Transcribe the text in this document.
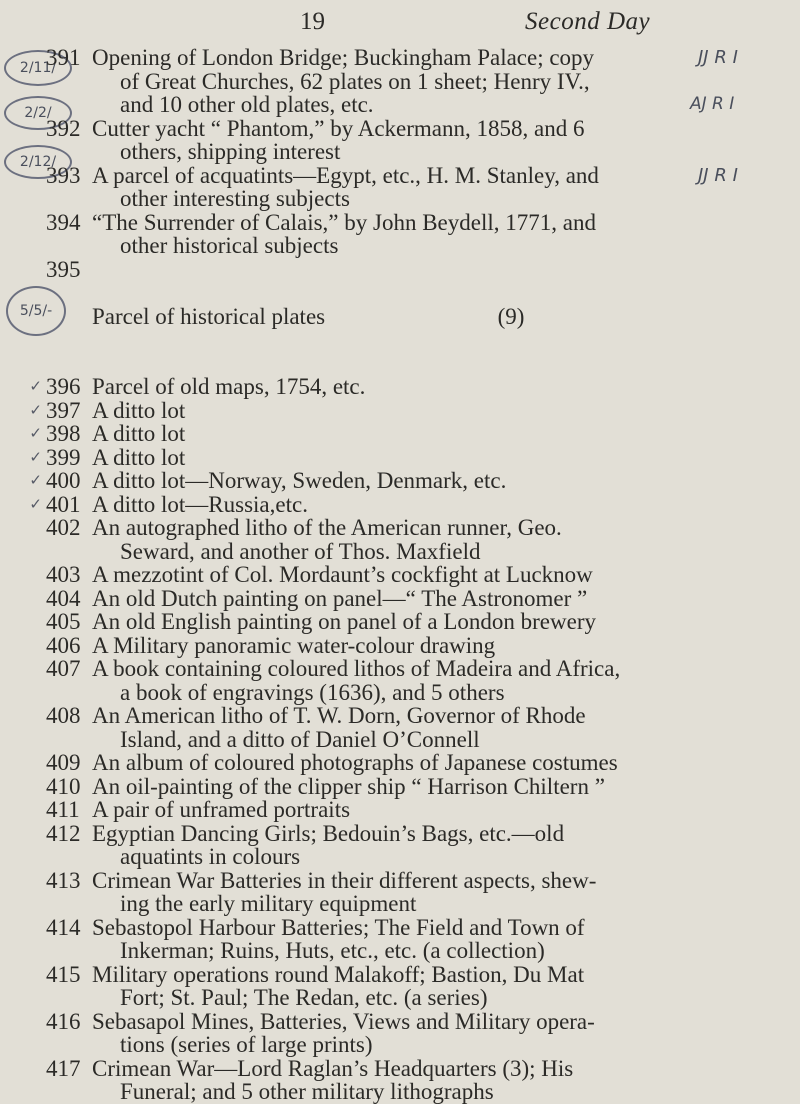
19	Second Day
2/11/
2/2/
2/12/
5/5/-
391 Opening of London Bridge; Buckingham Palace; copy
of Great Churches, 62 plates on 1 sheet; Henry IV.,
and 10 other old plates, etc.
JJ R I
392 Cutter yacht “ Phantom,” by Ackermann, 1858, and 6
others, shipping interest
393 A parcel of acquatints—Egypt, etc., H. M. Stanley, and
other interesting subjects
JJ R I
394 “The Surrender of Calais,” by John Beydell, 1771, and
other historical subjects
395

Parcel of historical plates                              (9)

✓ 396 Parcel of old maps, 1754, etc.
✓ 397 A ditto lot
✓ 398 A ditto lot
✓ 399 A ditto lot
✓ 400 A ditto lot—Norway, Sweden, Denmark, etc.
✓ 401 A ditto lot—Russia,etc.
402 An autographed litho of the American runner, Geo.
Seward, and another of Thos. Maxfield
403 A mezzotint of Col. Mordaunt’s cockfight at Lucknow
404 An old Dutch painting on panel—“ The Astronomer ”
405 An old English painting on panel of a London brewery
406 A Military panoramic water-colour drawing
407 A book containing coloured lithos of Madeira and Africa,
a book of engravings (1636), and 5 others
408 An American litho of T. W. Dorn, Governor of Rhode
Island, and a ditto of Daniel O’Connell
409 An album of coloured photographs of Japanese costumes
410 An oil-painting of the clipper ship “ Harrison Chiltern ”
411 A pair of unframed portraits
412 Egyptian Dancing Girls; Bedouin’s Bags, etc.—old
aquatints in colours
413 Crimean War Batteries in their different aspects, shew-
ing the early military equipment
414 Sebastopol Harbour Batteries; The Field and Town of
Inkerman; Ruins, Huts, etc., etc. (a collection)
415 Military operations round Malakoff; Bastion, Du Mat
Fort; St. Paul; The Redan, etc. (a series)
416 Sebasapol Mines, Batteries, Views and Military opera-
tions (series of large prints)
417 Crimean War—Lord Raglan’s Headquarters (3); His
Funeral; and 5 other military lithographs
AJ R I
